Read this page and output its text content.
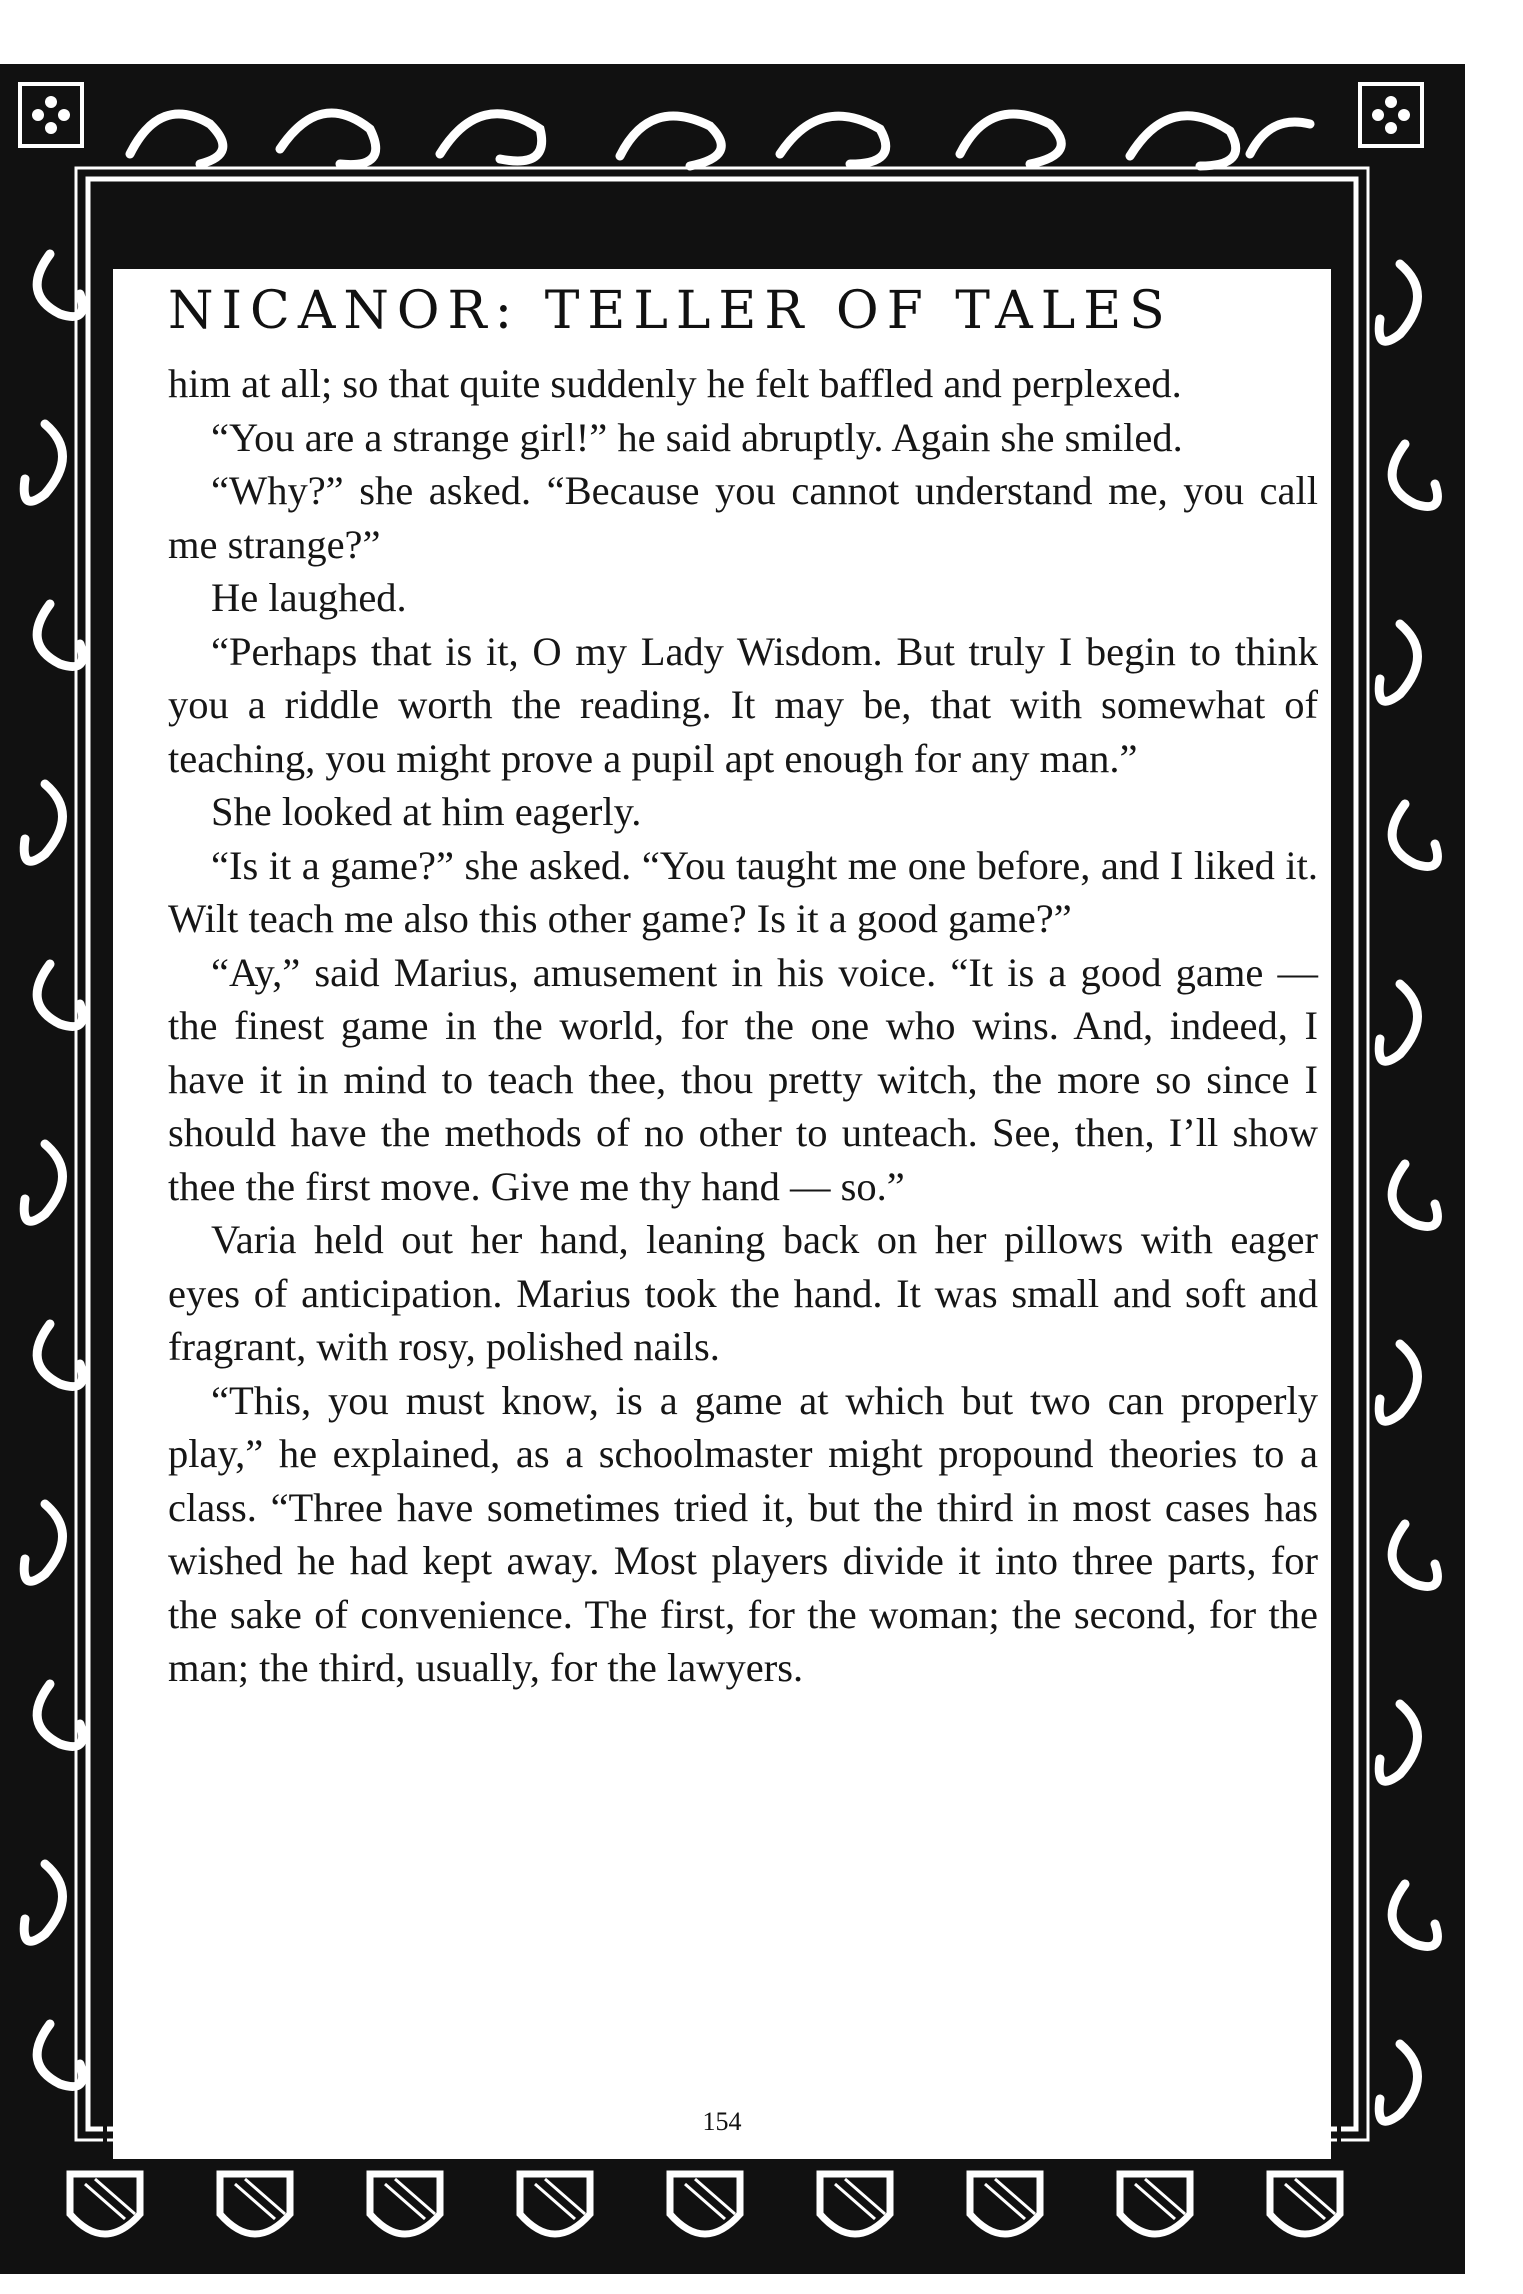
NICANOR: TELLER OF TALES

him at all; so that quite suddenly he felt baffled and perplexed.

“You are a strange girl!” he said abruptly. Again she smiled.

“Why?” she asked. “Because you cannot understand me, you call me strange?”

He laughed.

“Perhaps that is it, O my Lady Wisdom. But truly I begin to think you a riddle worth the reading. It may be, that with somewhat of teaching, you might prove a pupil apt enough for any man.”

She looked at him eagerly.

“Is it a game?” she asked. “You taught me one before, and I liked it. Wilt teach me also this other game? Is it a good game?”

“Ay,” said Marius, amusement in his voice. “It is a good game — the finest game in the world, for the one who wins. And, indeed, I have it in mind to teach thee, thou pretty witch, the more so since I should have the methods of no other to unteach. See, then, I’ll show thee the first move. Give me thy hand — so.”

Varia held out her hand, leaning back on her pillows with eager eyes of anticipation. Marius took the hand. It was small and soft and fragrant, with rosy, polished nails.

“This, you must know, is a game at which but two can properly play,” he explained, as a schoolmaster might propound theories to a class. “Three have sometimes tried it, but the third in most cases has wished he had kept away. Most players divide it into three parts, for the sake of convenience. The first, for the woman; the second, for the man; the third, usually, for the lawyers.

154
